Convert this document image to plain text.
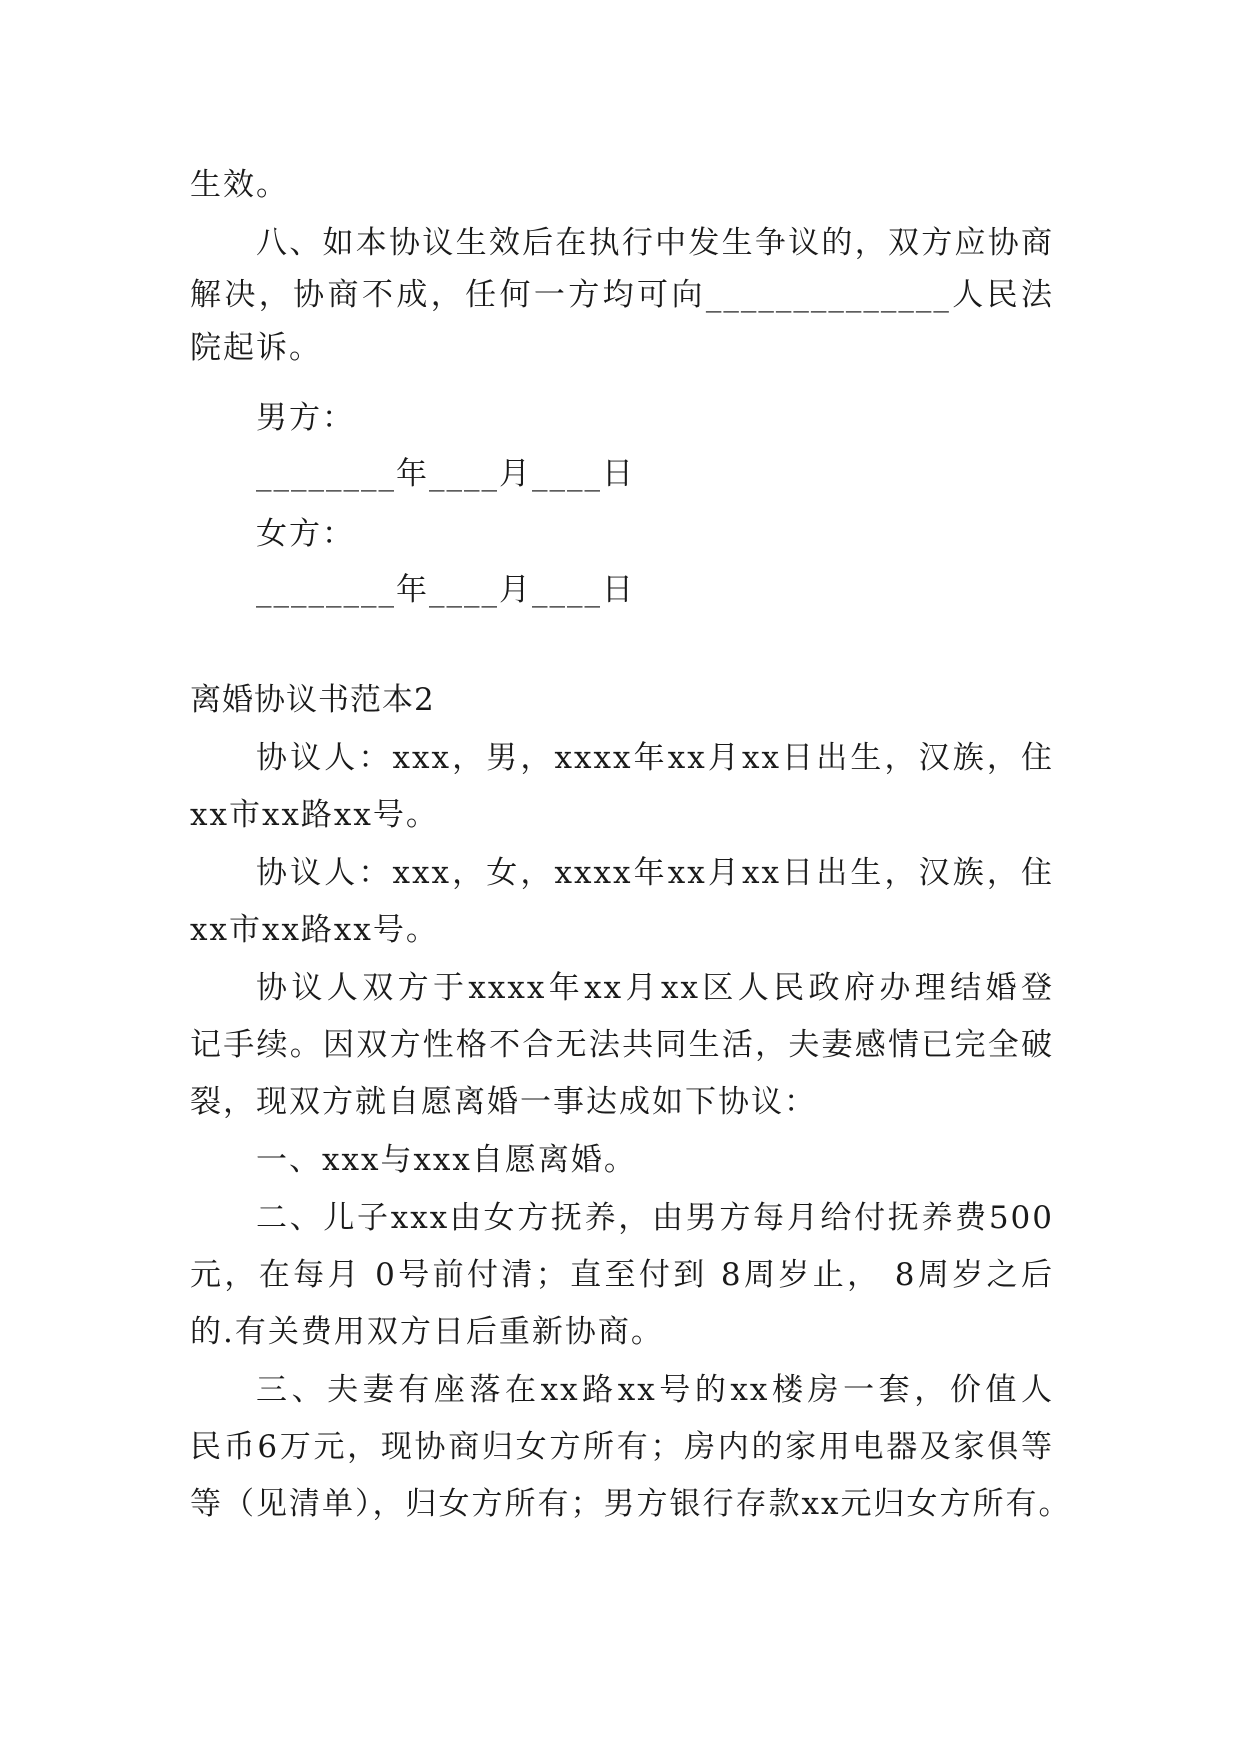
生效。
八、如本协议生效后在执行中发生争议的，双方应协商
解决，协商不成，任何一方均可向______________人民法
院起诉。
男方：
________年____月____日
女方：
________年____月____日
离婚协议书范本2
协议人：xxx，男，xxxx年xx月xx日出生，汉族，住
xx市xx路xx号。
协议人：xxx，女，xxxx年xx月xx日出生，汉族，住
xx市xx路xx号。
协议人双方于xxxx年xx月xx区人民政府办理结婚登
记手续。因双方性格不合无法共同生活，夫妻感情已完全破
裂，现双方就自愿离婚一事达成如下协议：
一、xxx与xxx自愿离婚。
二、儿子xxx由女方抚养，由男方每月给付抚养费500
元，在每月 0号前付清；直至付到 8周岁止， 8周岁之后
的.有关费用双方日后重新协商。
三、夫妻有座落在xx路xx号的xx楼房一套，价值人
民币6万元，现协商归女方所有；房内的家用电器及家俱等
等（见清单），归女方所有；男方银行存款xx元归女方所有。
